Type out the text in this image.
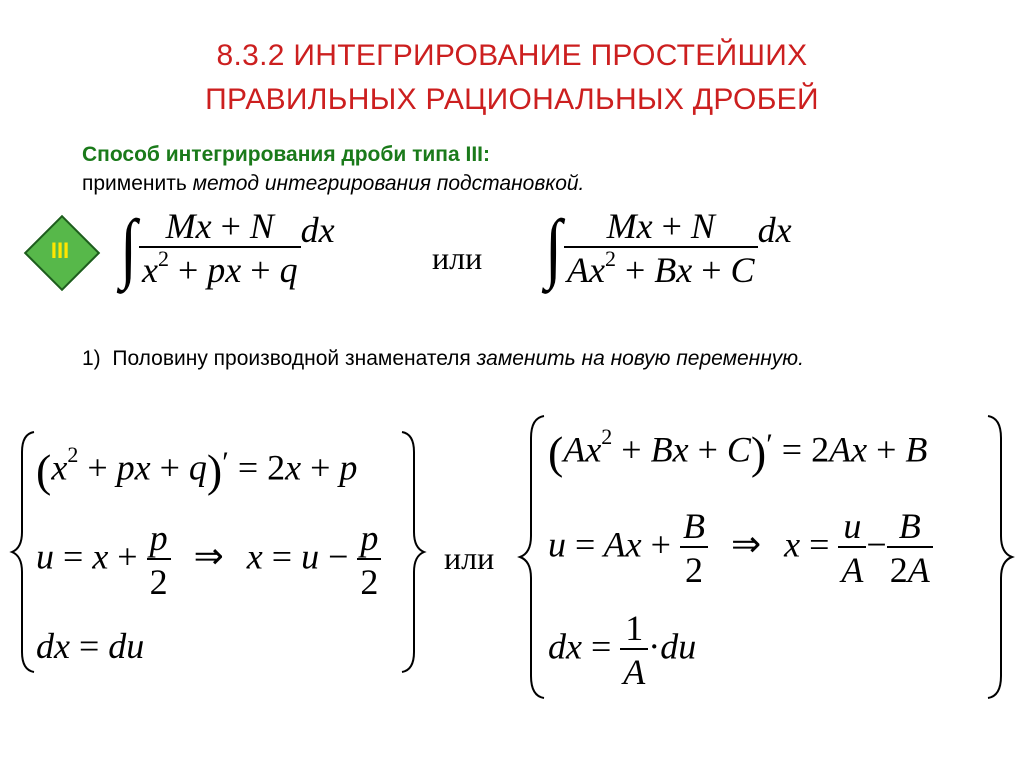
8.3.2 ИНТЕГРИРОВАНИЕ ПРОСТЕЙШИХ
ПРАВИЛЬНЫХ РАЦИОНАЛЬНЫХ ДРОБЕЙ
Способ интегрирования дроби типа III:
применить метод интегрирования подстановкой.
III ∫ $\frac{Mx + N}{x^2 + px + q}$ dx
или ∫ $\frac{Mx + N}{Ax^2 + Bx + C}$ dx
1) Половину производной знаменателя заменить на новую переменную.
($x^2$ + px + q)′ = 2x + p
$u = x + \frac{p}{2}$ ⇒ $x = u - \frac{p}{2}$
dx = du
или
$(Ax^2 + Bx + C)' = 2Ax + B$
$u = Ax + \frac{B}{2}$ ⇒ $x = \frac{u}{A} - \frac{B}{2A}$
dx = $\frac{1}{A} \cdot du$
